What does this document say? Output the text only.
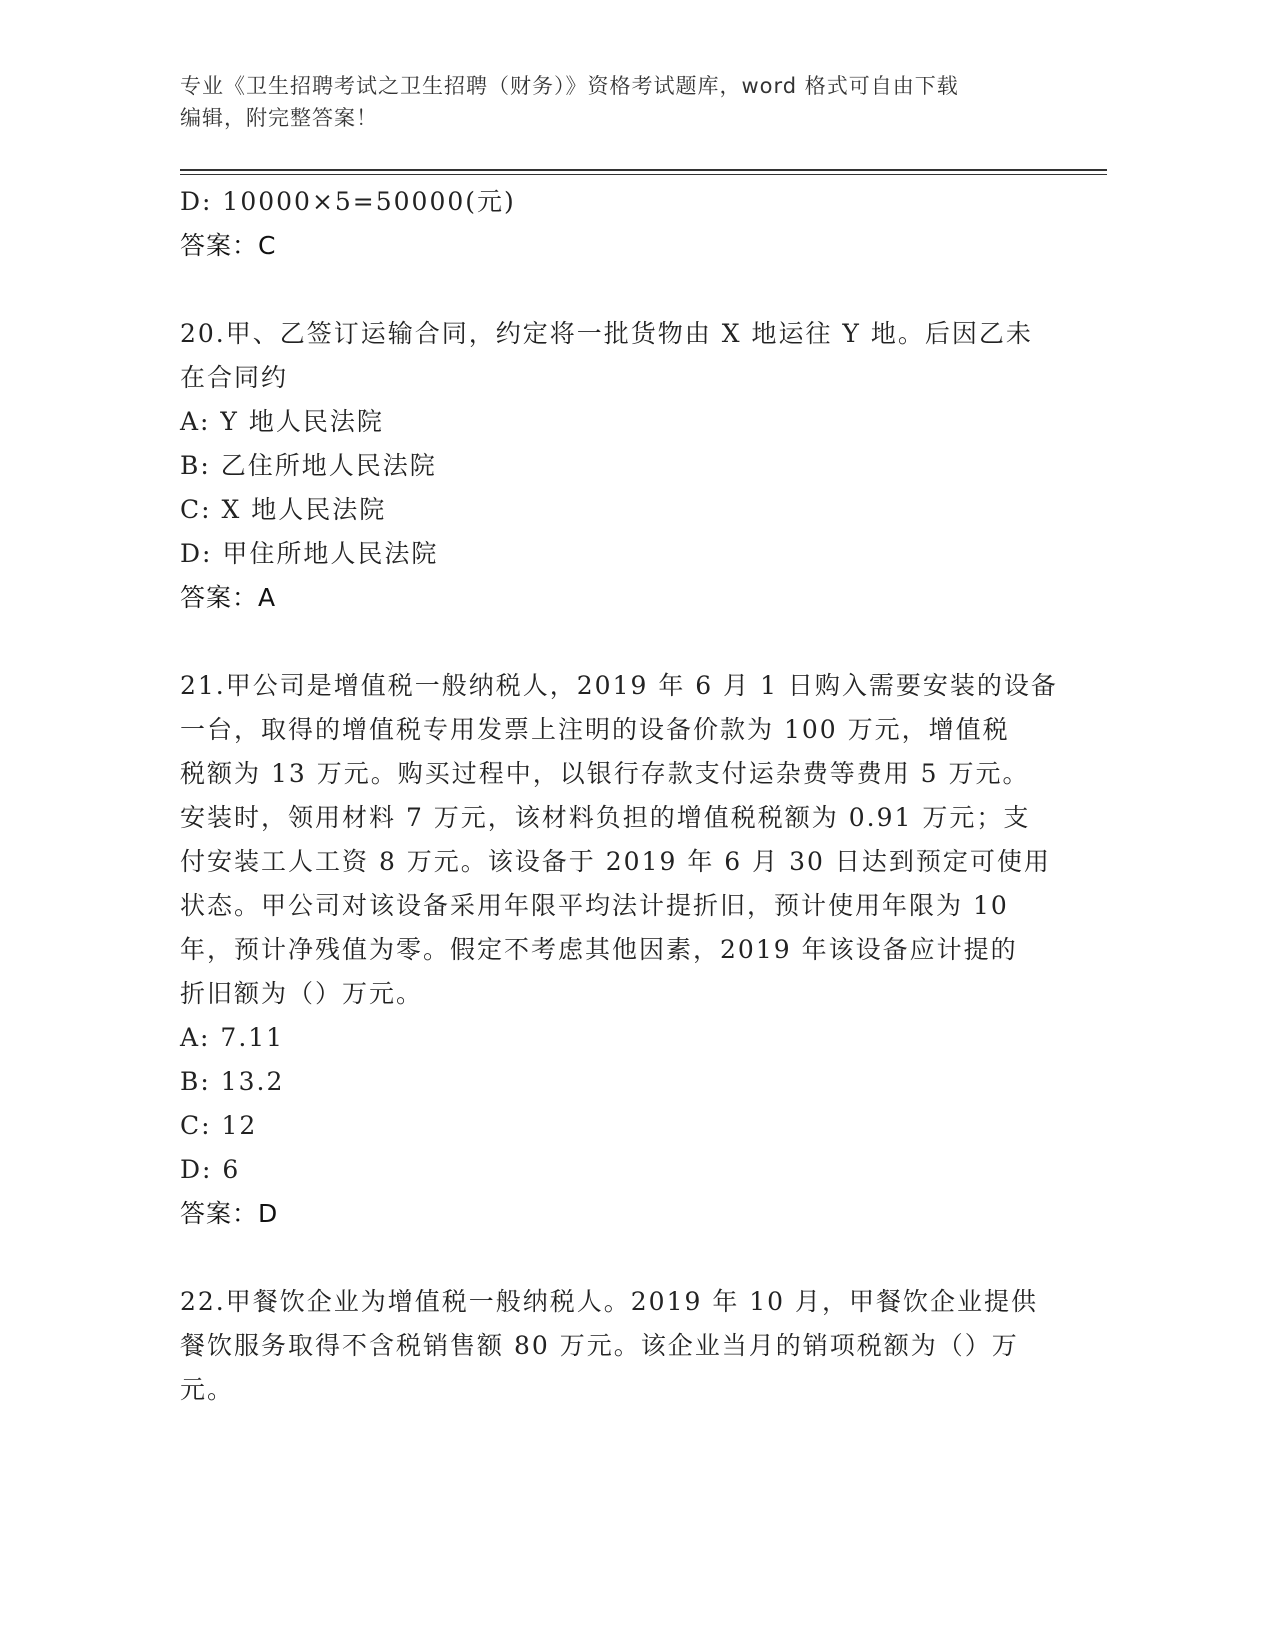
专业《卫生招聘考试之卫生招聘（财务）》资格考试题库，word 格式可自由下载
编辑，附完整答案！
D: 10000×5=50000(元)
答案：C
20.甲、乙签订运输合同，约定将一批货物由 X 地运往 Y 地。后因乙未
在合同约
A: Y 地人民法院
B: 乙住所地人民法院
C: X 地人民法院
D: 甲住所地人民法院
答案：A
21.甲公司是增值税一般纳税人，2019 年 6 月 1 日购入需要安装的设备
一台，取得的增值税专用发票上注明的设备价款为 100 万元，增值税
税额为 13 万元。购买过程中，以银行存款支付运杂费等费用 5 万元。
安装时，领用材料 7 万元，该材料负担的增值税税额为 0.91 万元；支
付安装工人工资 8 万元。该设备于 2019 年 6 月 30 日达到预定可使用
状态。甲公司对该设备采用年限平均法计提折旧，预计使用年限为 10
年，预计净残值为零。假定不考虑其他因素，2019 年该设备应计提的
折旧额为（）万元。
A: 7.11
B: 13.2
C: 12
D: 6
答案：D
22.甲餐饮企业为增值税一般纳税人。2019 年 10 月，甲餐饮企业提供
餐饮服务取得不含税销售额 80 万元。该企业当月的销项税额为（）万
元。
